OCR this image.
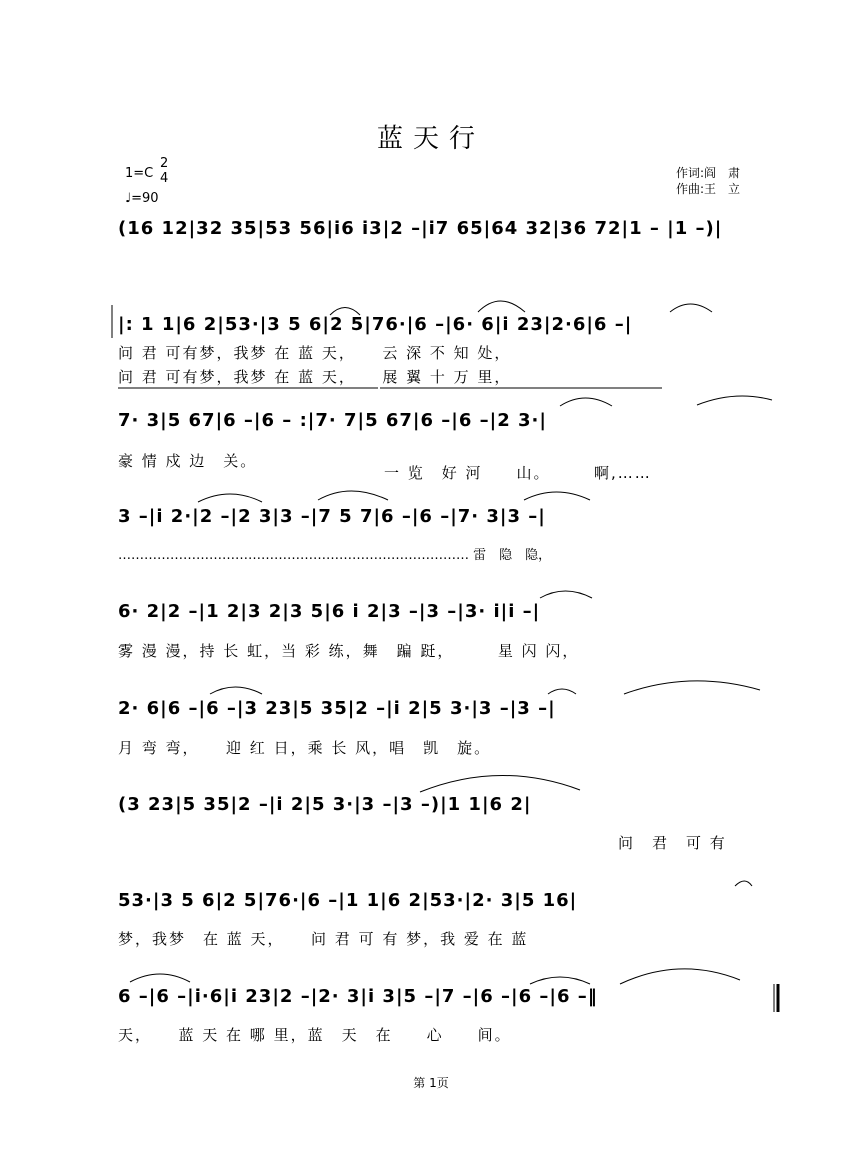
蓝天行
1=C
2
4
♩=90
作词:阎　肃
作曲:王　立
(16 12|32 35|53 56|i6 i3|2 –|i7 65|64 32|36 72|1 – |1 –)|
|: 1 1|6 2|53·|3 5 6|2 5|76·|6 –|6· 6|i 23|2·6|6 –|
问 君 可有梦，我梦 在 蓝 天，　　云 深 不 知 处，
问 君 可有梦，我梦 在 蓝 天，　　展 翼 十 万 里，
7· 3|5 67|6 –|6 – :|7· 7|5 67|6 –|6 –|2 3·|
豪 情 戍 边　关。
一 览　好 河　　山。　　　啊,……
3 –|i 2·|2 –|2 3|3 –|7 5 7|6 –|6 –|7· 3|3 –|
……………………………………………………………………… 雷　隐　隐，
6· 2|2 –|1 2|3 2|3 5|6 i 2|3 –|3 –|3· i|i –|
雾 漫 漫，持 长 虹，当 彩 练，舞　蹁 跹，　　　星 闪 闪，
2· 6|6 –|6 –|3 23|5 35|2 –|i 2|5 3·|3 –|3 –|
月 弯 弯，　　迎 红 日，乘 长 风，唱　凯　旋。
(3 23|5 35|2 –|i 2|5 3·|3 –|3 –)|1 1|6 2|
问　君　可 有
53·|3 5 6|2 5|76·|6 –|1 1|6 2|53·|2· 3|5 16|
梦，我梦　在 蓝 天，　　问 君 可 有 梦，我 爱 在 蓝
6 –|6 –|i·6|i 23|2 –|2· 3|i 3|5 –|7 –|6 –|6 –|6 –‖
天，　　蓝 天 在 哪 里，蓝　天　在　　心　　间。
第 1页
